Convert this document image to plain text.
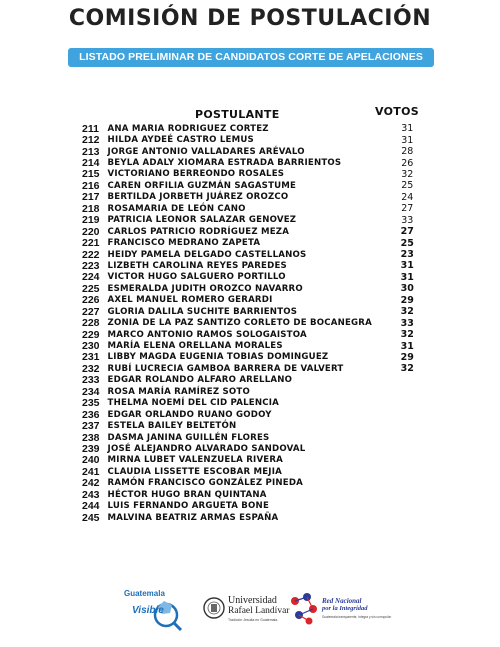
COMISIÓN DE POSTULACIÓN
LISTADO PRELIMINAR DE CANDIDATOS CORTE DE APELACIONES
POSTULANTE	VOTOS
211 ANA MARIA RODRIGUEZ CORTEZ	31
212 HILDA AYDEÉ CASTRO LEMUS	31
213 JORGE ANTONIO VALLADARES ARÉVALO	28
214 BEYLA ADALY XIOMARA ESTRADA BARRIENTOS	26
215 VICTORIANO BERREONDO ROSALES	32
216 CAREN ORFILIA GUZMÁN SAGASTUME	25
217 BERTILDA JORBETH JUÁREZ OROZCO	24
218 ROSAMARIA DE LEÓN CANO	27
219 PATRICIA LEONOR SALAZAR GENOVEZ	33
220 CARLOS PATRICIO RODRÍGUEZ MEZA	27
221 FRANCISCO MEDRANO ZAPETA	25
222 HEIDY PAMELA DELGADO CASTELLANOS	23
223 LIZBETH CAROLINA REYES PAREDES	31
224 VICTOR HUGO SALGUERO PORTILLO	31
225 ESMERALDA JUDITH OROZCO NAVARRO	30
226 AXEL MANUEL ROMERO GERARDI	29
227 GLORIA DALILA SUCHITE BARRIENTOS	32
228 ZONIA DE LA PAZ SANTIZO CORLETO DE BOCANEGRA	33
229 MARCO ANTONIO RAMOS SOLOGAISTOA	32
230 MARÍA ELENA ORELLANA MORALES	31
231 LIBBY MAGDA EUGENIA TOBIAS DOMINGUEZ	29
232 RUBÍ LUCRECIA GAMBOA BARRERA DE VALVERT	32
233 EDGAR ROLANDO ALFARO ARELLANO
234 ROSA MARÍA RAMÍREZ SOTO
235 THELMA NOEMÍ DEL CID PALENCIA
236 EDGAR ORLANDO RUANO GODOY
237 ESTELA BAILEY BELTETÓN
238 DASMA JANINA GUILLÉN FLORES
239 JOSÉ ALEJANDRO ALVARADO SANDOVAL
240 MIRNA LUBET VALENZUELA RIVERA
241 CLAUDIA LISSETTE ESCOBAR MEJIA
242 RAMÓN FRANCISCO GONZÁLEZ PINEDA
243 HÉCTOR HUGO BRAN QUINTANA
244 LUIS FERNANDO ARGUETA BONE
245 MALVINA BEATRIZ ARMAS ESPAÑA
Guatemala
Visible
Universidad
Rafael Landívar
Tradición Jesuita en Guatemala
Red Nacional
por la Integridad
Guatemala transparente, íntegra y sin corrupción
